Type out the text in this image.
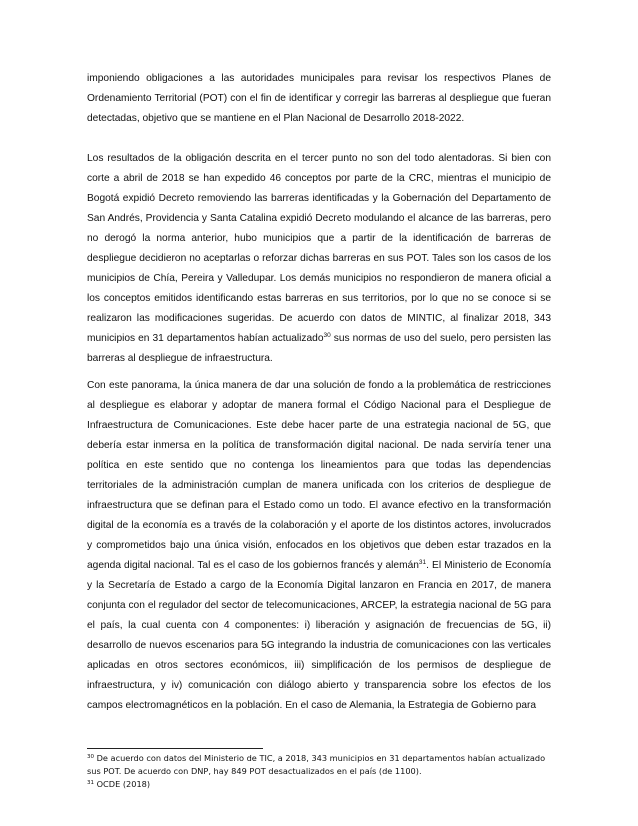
imponiendo obligaciones a las autoridades municipales para revisar los respectivos Planes de Ordenamiento Territorial (POT) con el fin de identificar y corregir las barreras al despliegue que fueran detectadas, objetivo que se mantiene en el Plan Nacional de Desarrollo 2018-2022.

Los resultados de la obligación descrita en el tercer punto no son del todo alentadoras. Si bien con corte a abril de 2018 se han expedido 46 conceptos por parte de la CRC, mientras el municipio de Bogotá expidió Decreto removiendo las barreras identificadas y la Gobernación del Departamento de San Andrés, Providencia y Santa Catalina expidió Decreto modulando el alcance de las barreras, pero no derogó la norma anterior, hubo municipios que a partir de la identificación de barreras de despliegue decidieron no aceptarlas o reforzar dichas barreras en sus POT. Tales son los casos de los municipios de Chía, Pereira y Valledupar. Los demás municipios no respondieron de manera oficial a los conceptos emitidos identificando estas barreras en sus territorios, por lo que no se conoce si se realizaron las modificaciones sugeridas. De acuerdo con datos de MINTIC, al finalizar 2018, 343 municipios en 31 departamentos habían actualizado$^{30}$ sus normas de uso del suelo, pero persisten las barreras al despliegue de infraestructura.

Con este panorama, la única manera de dar una solución de fondo a la problemática de restricciones al despliegue es elaborar y adoptar de manera formal el Código Nacional para el Despliegue de Infraestructura de Comunicaciones. Este debe hacer parte de una estrategia nacional de 5G, que debería estar inmersa en la política de transformación digital nacional. De nada serviría tener una política en este sentido que no contenga los lineamientos para que todas las dependencias territoriales de la administración cumplan de manera unificada con los criterios de despliegue de infraestructura que se definan para el Estado como un todo. El avance efectivo en la transformación digital de la economía es a través de la colaboración y el aporte de los distintos actores, involucrados y comprometidos bajo una única visión, enfocados en los objetivos que deben estar trazados en la agenda digital nacional. Tal es el caso de los gobiernos francés y alemán$^{31}$. El Ministerio de Economía y la Secretaría de Estado a cargo de la Economía Digital lanzaron en Francia en 2017, de manera conjunta con el regulador del sector de telecomunicaciones, ARCEP, la estrategia nacional de 5G para el país, la cual cuenta con 4 componentes: i) liberación y asignación de frecuencias de 5G, ii) desarrollo de nuevos escenarios para 5G integrando la industria de comunicaciones con las verticales aplicadas en otros sectores económicos, iii) simplificación de los permisos de despliegue de infraestructura, y iv) comunicación con diálogo abierto y transparencia sobre los efectos de los campos electromagnéticos en la población. En el caso de Alemania, la Estrategia de Gobierno para

$^{30}$ De acuerdo con datos del Ministerio de TIC, a 2018, 343 municipios en 31 departamentos habían actualizado sus POT. De acuerdo con DNP, hay 849 POT desactualizados en el país (de 1100).

$^{31}$ OCDE (2018)
